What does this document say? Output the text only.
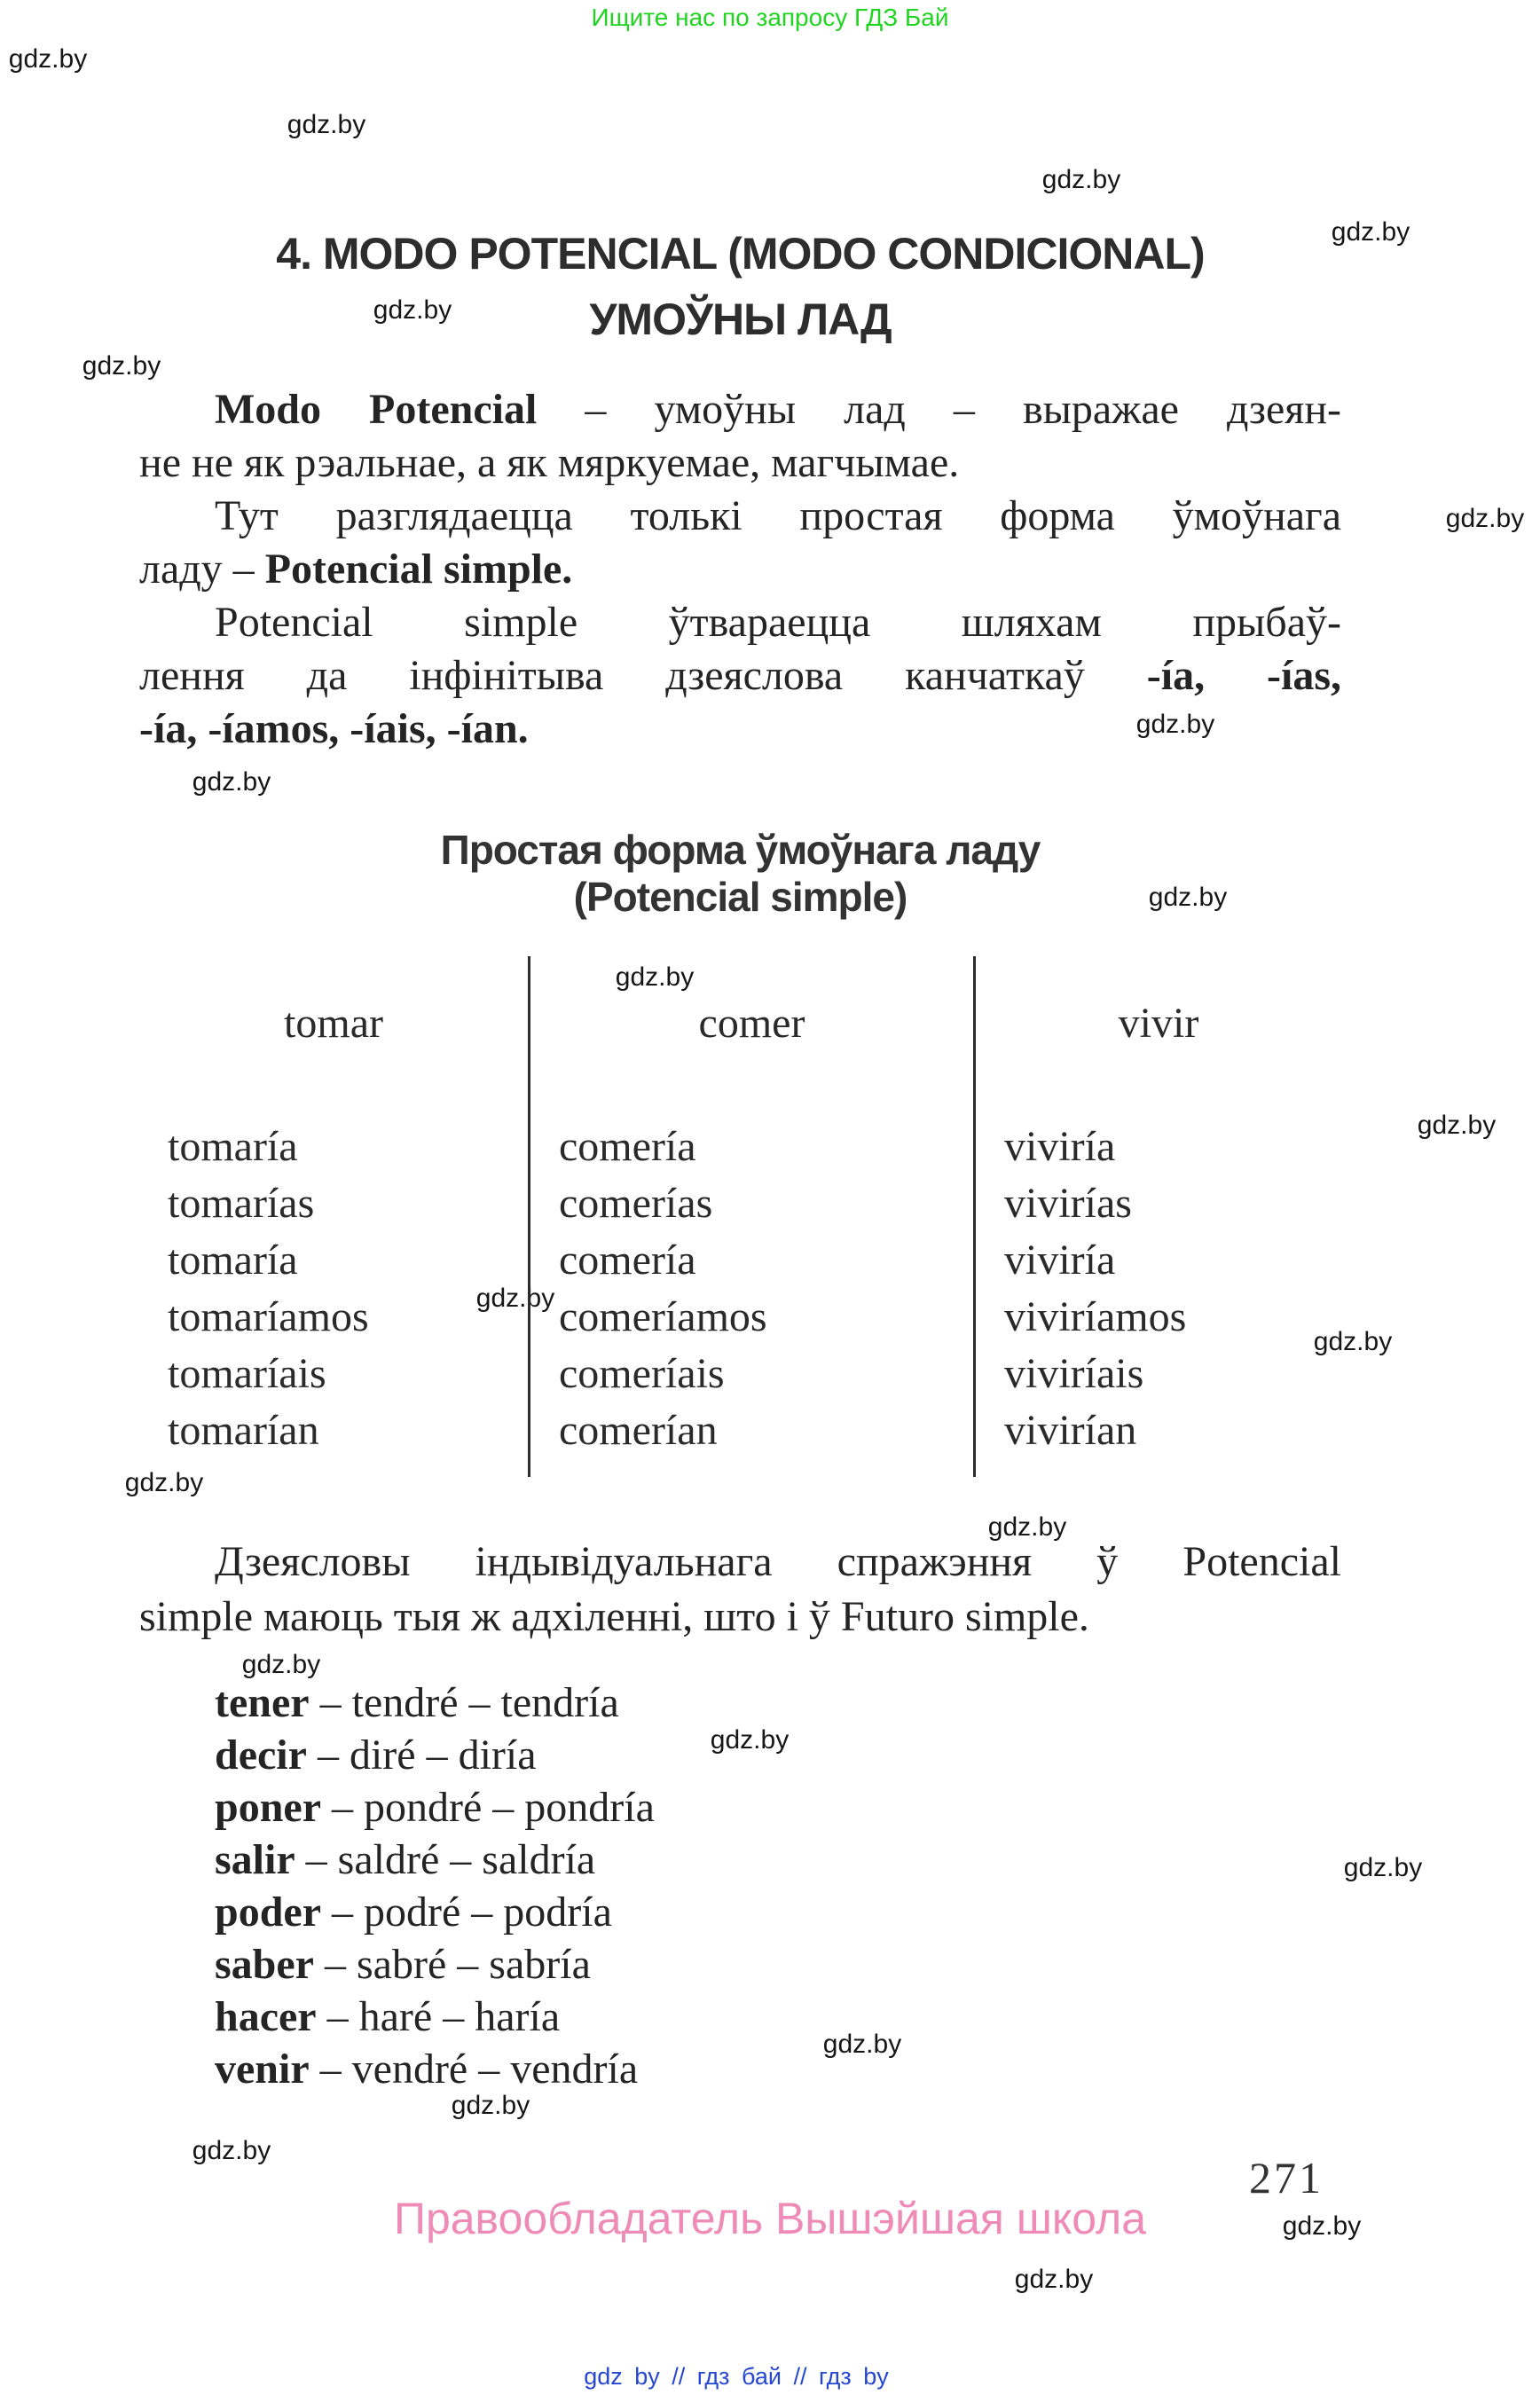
Ищите нас по запросу ГДЗ Бай
gdz.by
gdz.by
gdz.by
gdz.by
gdz.by
gdz.by
gdz.by
gdz.by
gdz.by
gdz.by
gdz.by
gdz.by
gdz.by
gdz.by
gdz.by
gdz.by
gdz.by
gdz.by
gdz.by
gdz.by
gdz.by
gdz.by
gdz.by
gdz.by
4. MODO POTENCIAL (MODO CONDICIONAL)
УМОЎНЫ ЛАД
Modo Potencial – умоўны лад – выражае дзеян-
не не як рэальнае, а як мяркуемае, магчымае.
Тут разглядаецца толькі простая форма ўмоўнага
ладу – Potencial simple.
Potencial simple ўтвараецца шляхам прыбаў-
лення да інфінітыва дзеяслова канчаткаў -ía, -ías,
-ía, -íamos, -íais, -ían.
Простая форма ўмоўнага ладу
(Potencial simple)
tomar
tomaría
tomarías
tomaría
tomaríamos
tomaríais
tomarían
comer
comería
comerías
comería
comeríamos
comeríais
comerían
vivir
viviría
vivirías
viviría
viviríamos
viviríais
vivirían
Дзеясловы індывідуальнага спражэння ў Potencial
simple маюць тыя ж адхіленні, што і ў Futuro simple.
tener – tendré – tendría
decir – diré – diría
poner – pondré – pondría
salir – saldré – saldría
poder – podré – podría
saber – sabré – sabría
hacer – haré – haría
venir – vendré – vendría
271
Правообладатель Вышэйшая школа
gdz by // гдз бай // гдз by
